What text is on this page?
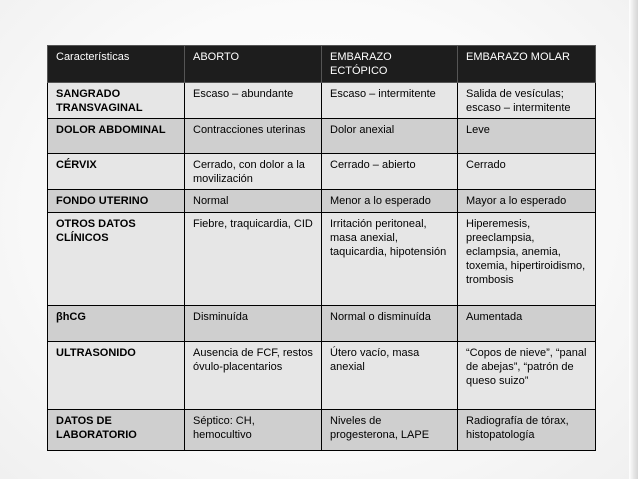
Características	ABORTO	EMBARAZO ECTÓPICO	EMBARAZO MOLAR
SANGRADO TRANSVAGINAL	Escaso – abundante	Escaso – intermitente	Salida de vesículas; escaso – intermitente
DOLOR ABDOMINAL	Contracciones uterinas	Dolor anexial	Leve
CÉRVIX	Cerrado, con dolor a la movilización	Cerrado – abierto	Cerrado
FONDO UTERINO	Normal	Menor a lo esperado	Mayor a lo esperado
OTROS DATOS CLÍNICOS	Fiebre, traquicardia, CID	Irritación peritoneal, masa anexial, taquicardia, hipotensión	Hiperemesis, preeclampsia, eclampsia, anemia, toxemia, hipertiroidismo, trombosis
βhCG	Disminuída	Normal o disminuída	Aumentada
ULTRASONIDO	Ausencia de FCF, restos óvulo-placentarios	Útero vacío, masa anexial	“Copos de nieve”, “panal de abejas”, “patrón de queso suizo”
DATOS DE LABORATORIO	Séptico: CH, hemocultivo	Niveles de progesterona, LAPE	Radiografía de tórax, histopatología
